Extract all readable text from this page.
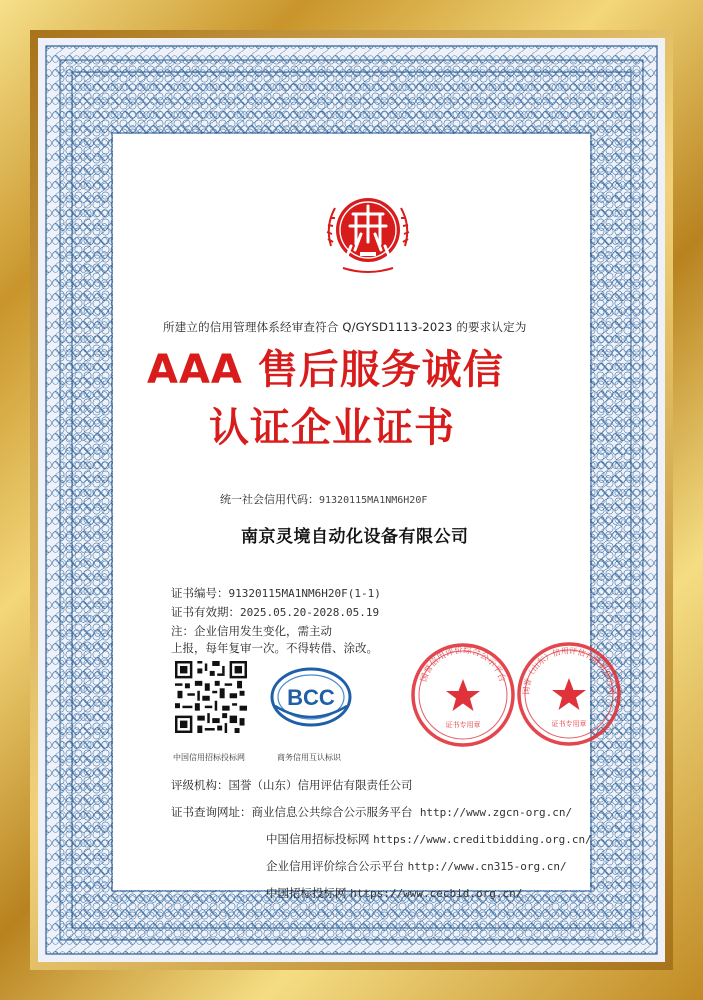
所建立的信用管理体系经审查符合 Q/GYSD1113-2023 的要求认定为
AAA 售后服务诚信
认证企业证书
统一社会信用代码：91320115MA1NM6H20F
南京灵境自动化设备有限公司
证书编号：91320115MA1NM6H20F(1-1)
证书有效期：2025.05.20-2028.05.19
注：企业信用发生变化，需主动
上报，每年复审一次。不得转借、涂改。
中国信用招标投标网
BCC
商务信用互认标识
国誉信用评价综合公示平台
证书专用章
国誉（山东）信用评估有限责任公司
证书专用章
评级机构：国誉（山东）信用评估有限责任公司
证书查询网址：商业信息公共综合公示服务平台 http://www.zgcn-org.cn/
中国信用招标投标网 https://www.creditbidding.org.cn/
企业信用评价综合公示平台 http://www.cn315-org.cn/
中国招标投标网 https://www.cecbid.org.cn/
